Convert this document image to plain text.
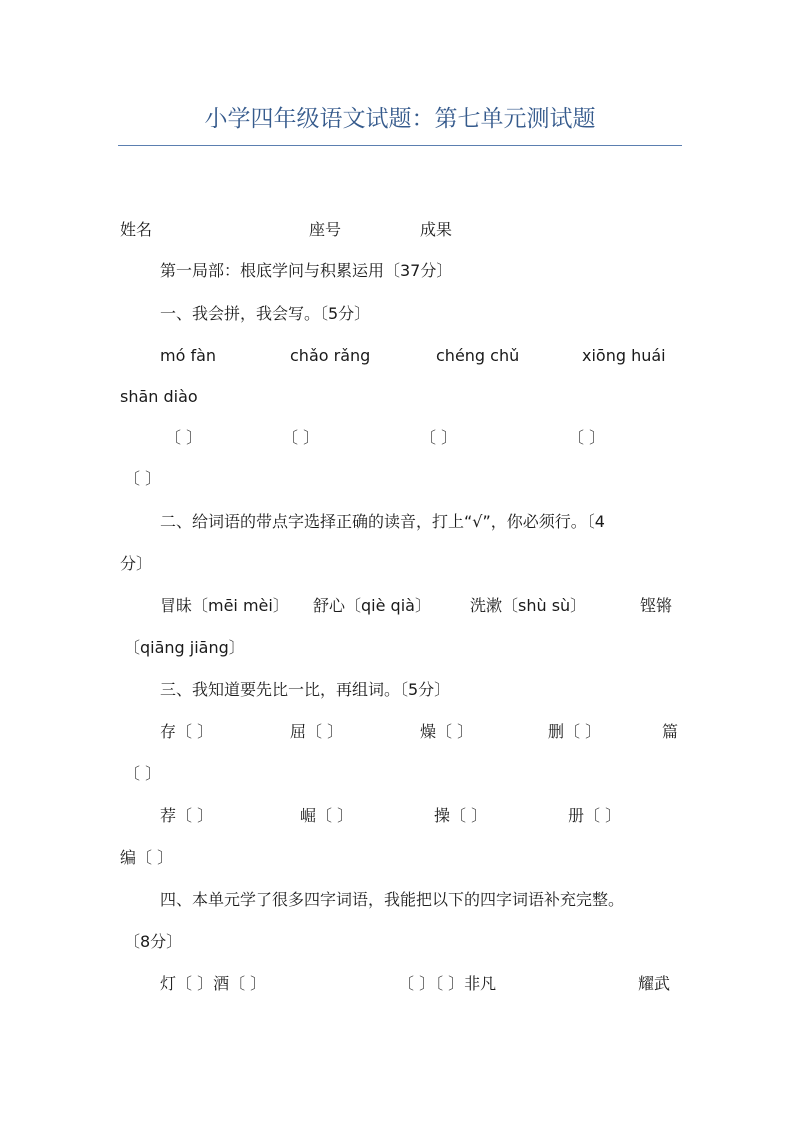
小学四年级语文试题：第七单元测试题
姓名	座号	成果
第一局部：根底学问与积累运用〔37分〕
一、我会拼，我会写。〔5分〕
mó fàn	chǎo rǎng	chéng chǔ	xiōng huái
shān diào
〔 〕	〔 〕	〔 〕	〔 〕
〔 〕
二、给词语的带点字选择正确的读音，打上“√”，你必须行。〔4
分〕
冒昧〔mēi mèi〕 舒心〔qiè qià〕 洗漱〔shù sù〕	铿锵
〔qiāng jiāng〕
三、我知道要先比一比，再组词。〔5分〕
存〔 〕	屈〔 〕	燥〔 〕	删〔 〕	篇
〔 〕
荐〔 〕	崛〔 〕	操〔 〕	册〔 〕
编〔 〕
四、本单元学了很多四字词语，我能把以下的四字词语补充完整。
〔8分〕
灯〔 〕酒〔 〕	〔 〕〔 〕非凡	耀武
